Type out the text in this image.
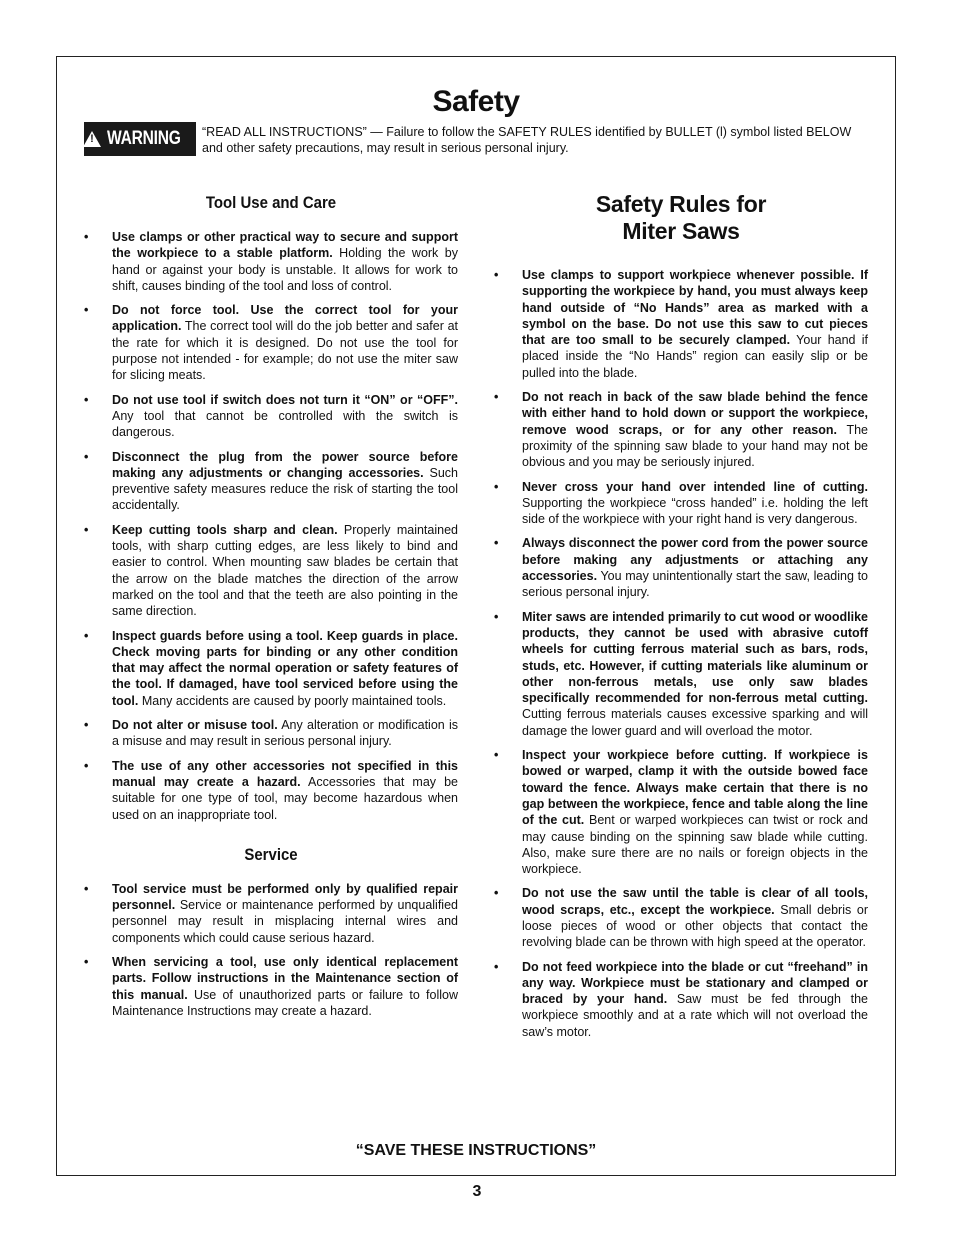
Safety
! WARNING “READ ALL INSTRUCTIONS” — Failure to follow the SAFETY RULES identified by BULLET (l) symbol listed BELOW and other safety precautions, may result in serious personal injury.

Tool Use and Care
• Use clamps or other practical way to secure and support the workpiece to a stable platform. Holding the work by hand or against your body is unstable. It allows for work to shift, causes binding of the tool and loss of control.
• Do not force tool. Use the correct tool for your application. The correct tool will do the job better and safer at the rate for which it is designed. Do not use the tool for purpose not intended - for example; do not use the miter saw for slicing meats.
• Do not use tool if switch does not turn it “ON” or “OFF”. Any tool that cannot be controlled with the switch is dangerous.
• Disconnect the plug from the power source before making any adjustments or changing accessories. Such preventive safety measures reduce the risk of starting the tool accidentally.
• Keep cutting tools sharp and clean. Properly maintained tools, with sharp cutting edges, are less likely to bind and easier to control. When mounting saw blades be certain that the arrow on the blade matches the direction of the arrow marked on the tool and that the teeth are also pointing in the same direction.
• Inspect guards before using a tool. Keep guards in place. Check moving parts for binding or any other condition that may affect the normal operation or safety features of the tool. If damaged, have tool serviced before using the tool. Many accidents are caused by poorly maintained tools.
• Do not alter or misuse tool. Any alteration or modification is a misuse and may result in serious personal injury.
• The use of any other accessories not specified in this manual may create a hazard. Accessories that may be suitable for one type of tool, may become hazardous when used on an inappropriate tool.
Service
• Tool service must be performed only by qualified repair personnel. Service or maintenance performed by unqualified personnel may result in misplacing internal wires and components which could cause serious hazard.
• When servicing a tool, use only identical replacement parts. Follow instructions in the Maintenance section of this manual. Use of unauthorized parts or failure to follow Maintenance Instructions may create a hazard.
Safety Rules for
Miter Saws
• Use clamps to support workpiece whenever possible. If supporting the workpiece by hand, you must always keep hand outside of “No Hands” area as marked with a symbol on the base. Do not use this saw to cut pieces that are too small to be securely clamped. Your hand if placed inside the “No Hands” region can easily slip or be pulled into the blade.
• Do not reach in back of the saw blade behind the fence with either hand to hold down or support the workpiece, remove wood scraps, or for any other reason. The proximity of the spinning saw blade to your hand may not be obvious and you may be seriously injured.
• Never cross your hand over intended line of cutting. Supporting the workpiece “cross handed” i.e. holding the left side of the workpiece with your right hand is very dangerous.
• Always disconnect the power cord from the power source before making any adjustments or attaching any accessories. You may unintentionally start the saw, leading to serious personal injury.
• Miter saws are intended primarily to cut wood or woodlike products, they cannot be used with abrasive cutoff wheels for cutting ferrous material such as bars, rods, studs, etc. However, if cutting materials like aluminum or other non-ferrous metals, use only saw blades specifically recommended for non-ferrous metal cutting. Cutting ferrous materials causes excessive sparking and will damage the lower guard and will overload the motor.
• Inspect your workpiece before cutting. If workpiece is bowed or warped, clamp it with the outside bowed face toward the fence. Always make certain that there is no gap between the workpiece, fence and table along the line of the cut. Bent or warped workpieces can twist or rock and may cause binding on the spinning saw blade while cutting. Also, make sure there are no nails or foreign objects in the workpiece.
• Do not use the saw until the table is clear of all tools, wood scraps, etc., except the workpiece. Small debris or loose pieces of wood or other objects that contact the revolving blade can be thrown with high speed at the operator.
• Do not feed workpiece into the blade or cut “freehand” in any way. Workpiece must be stationary and clamped or braced by your hand. Saw must be fed through the workpiece smoothly and at a rate which will not overload the saw’s motor.

“SAVE THESE INSTRUCTIONS”

3
